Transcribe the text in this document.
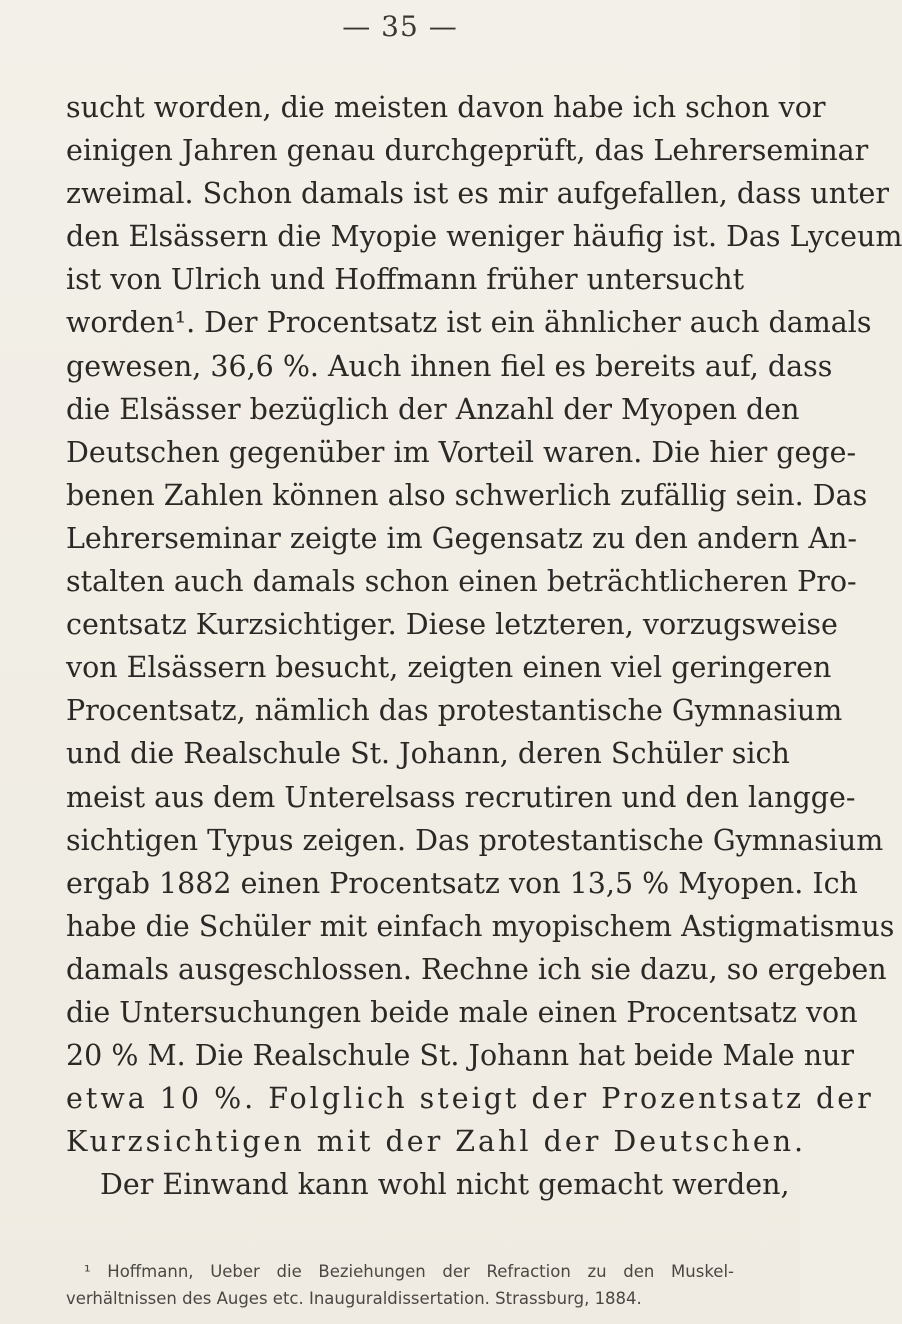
— 35 —
sucht worden, die meisten davon habe ich schon vor
einigen Jahren genau durchgeprüft, das Lehrerseminar
zweimal. Schon damals ist es mir aufgefallen, dass unter
den Elsässern die Myopie weniger häufig ist. Das Lyceum
ist von Ulrich und Hoffmann früher untersucht
worden¹. Der Procentsatz ist ein ähnlicher auch damals
gewesen, 36,6 %. Auch ihnen fiel es bereits auf, dass
die Elsässer bezüglich der Anzahl der Myopen den
Deutschen gegenüber im Vorteil waren. Die hier gege-
benen Zahlen können also schwerlich zufällig sein. Das
Lehrerseminar zeigte im Gegensatz zu den andern An-
stalten auch damals schon einen beträchtlicheren Pro-
centsatz Kurzsichtiger. Diese letzteren, vorzugsweise
von Elsässern besucht, zeigten einen viel geringeren
Procentsatz, nämlich das protestantische Gymnasium
und die Realschule St. Johann, deren Schüler sich
meist aus dem Unterelsass recrutiren und den langge-
sichtigen Typus zeigen. Das protestantische Gymnasium
ergab 1882 einen Procentsatz von 13,5 % Myopen. Ich
habe die Schüler mit einfach myopischem Astigmatismus
damals ausgeschlossen. Rechne ich sie dazu, so ergeben
die Untersuchungen beide male einen Procentsatz von
20 % M. Die Realschule St. Johann hat beide Male nur
etwa 10 %. Folglich steigt der Prozentsatz der
Kurzsichtigen mit der Zahl der Deutschen.
Der Einwand kann wohl nicht gemacht werden,
¹ Hoffmann, Ueber die Beziehungen der Refraction zu den Muskel-
verhältnissen des Auges etc. Inauguraldissertation. Strassburg, 1884.
